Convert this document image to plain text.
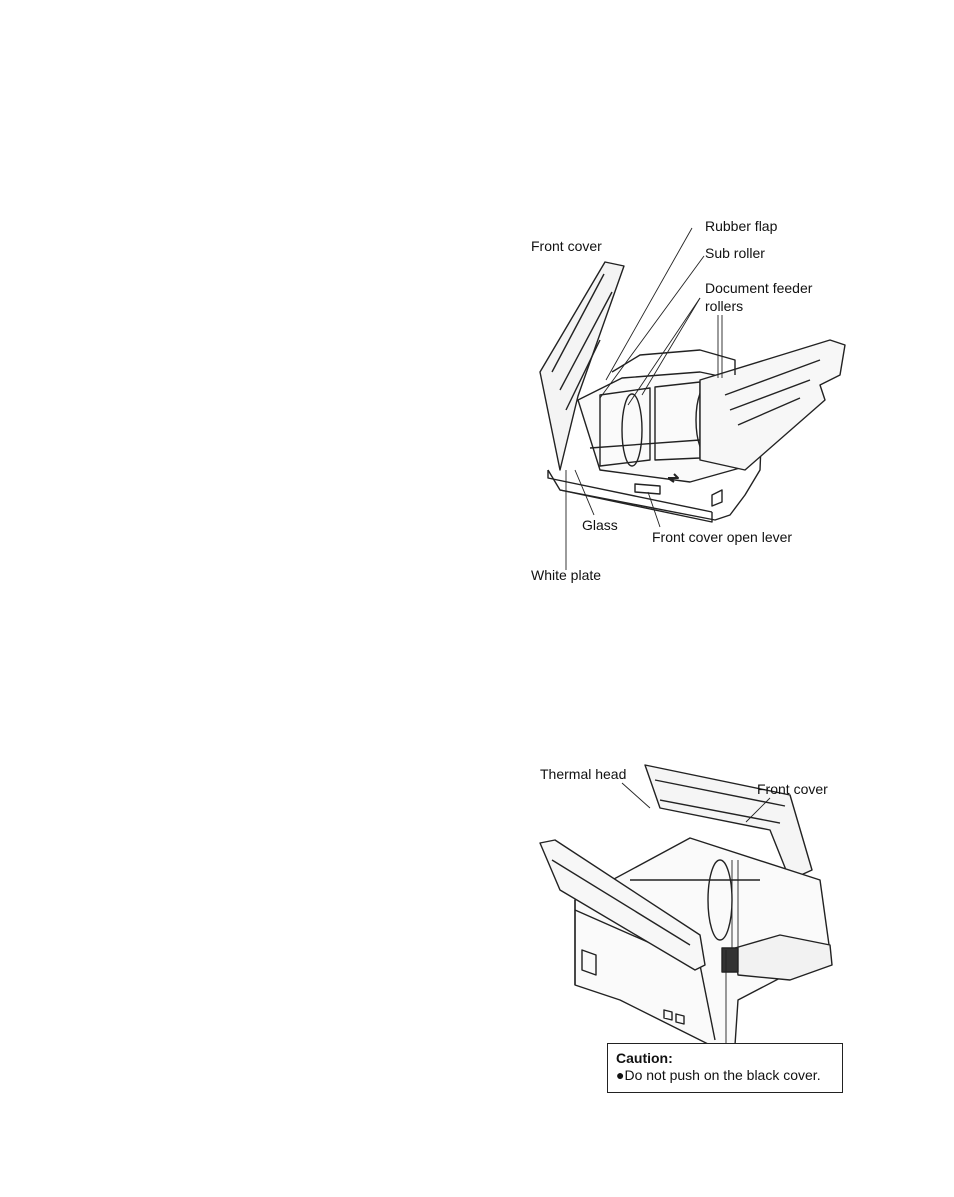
Front cover
Rubber flap
Sub roller
Document feeder
rollers
Glass
Front cover open lever
White plate
Thermal head
Front cover
Caution:
●Do not push on the black cover.
